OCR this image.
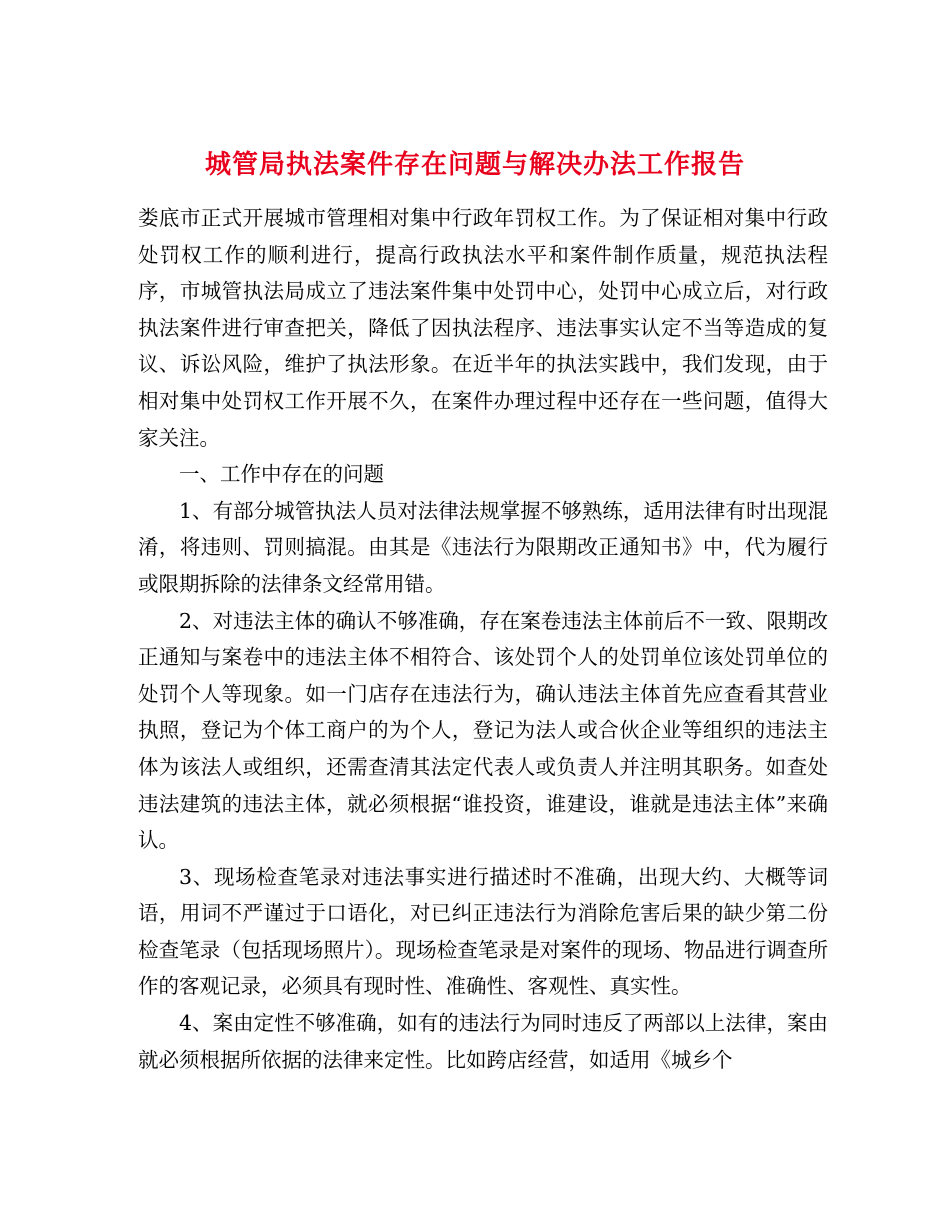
城管局执法案件存在问题与解决办法工作报告

娄底市正式开展城市管理相对集中行政年罚权工作。为了保证相对集中行政处罚权工作的顺利进行，提高行政执法水平和案件制作质量，规范执法程序，市城管执法局成立了违法案件集中处罚中心，处罚中心成立后，对行政执法案件进行审查把关，降低了因执法程序、违法事实认定不当等造成的复议、诉讼风险，维护了执法形象。在近半年的执法实践中，我们发现，由于相对集中处罚权工作开展不久，在案件办理过程中还存在一些问题，值得大家关注。

一、工作中存在的问题

1、有部分城管执法人员对法律法规掌握不够熟练，适用法律有时出现混淆，将违则、罚则搞混。由其是《违法行为限期改正通知书》中，代为履行或限期拆除的法律条文经常用错。

2、对违法主体的确认不够准确，存在案卷违法主体前后不一致、限期改正通知与案卷中的违法主体不相符合、该处罚个人的处罚单位该处罚单位的处罚个人等现象。如一门店存在违法行为，确认违法主体首先应查看其营业执照，登记为个体工商户的为个人，登记为法人或合伙企业等组织的违法主体为该法人或组织，还需查清其法定代表人或负责人并注明其职务。如查处违法建筑的违法主体，就必须根据“谁投资，谁建设，谁就是违法主体”来确认。

3、现场检查笔录对违法事实进行描述时不准确，出现大约、大概等词语，用词不严谨过于口语化，对已纠正违法行为消除危害后果的缺少第二份检查笔录（包括现场照片）。现场检查笔录是对案件的现场、物品进行调查所作的客观记录，必须具有现时性、准确性、客观性、真实性。

4、案由定性不够准确，如有的违法行为同时违反了两部以上法律，案由就必须根据所依据的法律来定性。比如跨店经营，如适用《城乡个
